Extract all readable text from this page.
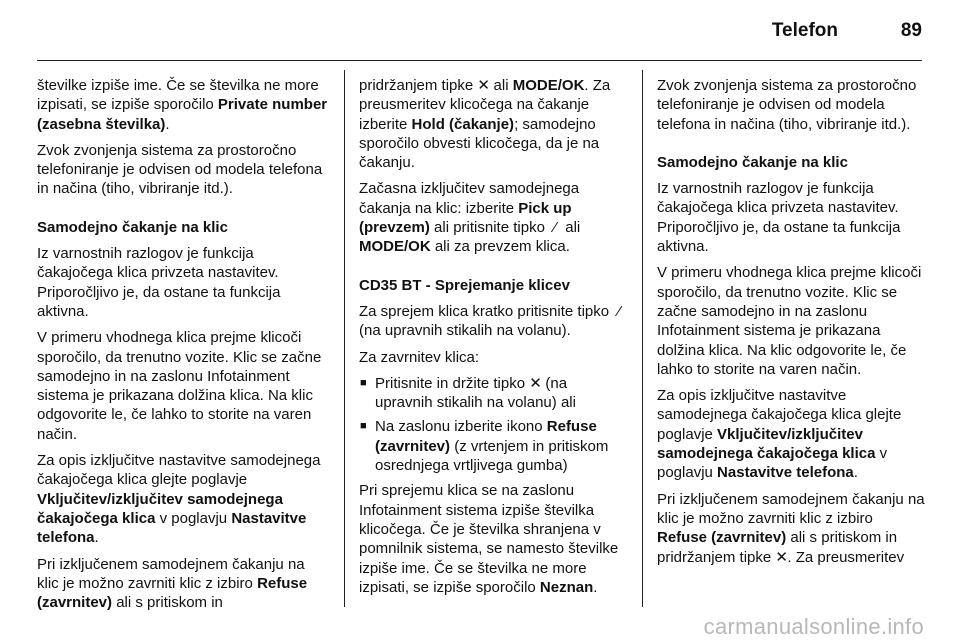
Telefon	89

številke izpiše ime. Če se številka ne more izpisati, se izpiše sporočilo Private number (zasebna številka).

Zvok zvonjenja sistema za prostoročno telefoniranje je odvisen od modela telefona in načina (tiho, vibriranje itd.).

Samodejno čakanje na klic

Iz varnostnih razlogov je funkcija čakajočega klica privzeta nastavitev. Priporočljivo je, da ostane ta funkcija aktivna.

V primeru vhodnega klica prejme klicoči sporočilo, da trenutno vozite. Klic se začne samodejno in na zaslonu Infotainment sistema je prikazana dolžina klica. Na klic odgovorite le, če lahko to storite na varen način.

Za opis izključitve nastavitve samodejnega čakajočega klica glejte poglavje Vključitev/izključitev samodejnega čakajočega klica v poglavju Nastavitve telefona.

Pri izključenem samodejnem čakanju na klic je možno zavrniti klic z izbiro Refuse (zavrnitev) ali s pritiskom in

pridržanjem tipke ✕ ali MODE/OK. Za preusmeritev klicočega na čakanje izberite Hold (čakanje); samodejno sporočilo obvesti klicočega, da je na čakanju.

Začasna izključitev samodejnega čakanja na klic: izberite Pick up (prevzem) ali pritisnite tipko ⁄ ali MODE/OK ali za prevzem klica.

CD35 BT - Sprejemanje klicev

Za sprejem klica kratko pritisnite tipko ⁄ (na upravnih stikalih na volanu).

Za zavrnitev klica:

■ Pritisnite in držite tipko ✕ (na upravnih stikalih na volanu) ali
■ Na zaslonu izberite ikono Refuse (zavrnitev) (z vrtenjem in pritiskom osrednjega vrtljivega gumba)

Pri sprejemu klica se na zaslonu Infotainment sistema izpiše številka klicočega. Če je številka shranjena v pomnilnik sistema, se namesto številke izpiše ime. Če se številka ne more izpisati, se izpiše sporočilo Neznan.

Zvok zvonjenja sistema za prostoročno telefoniranje je odvisen od modela telefona in načina (tiho, vibriranje itd.).

Samodejno čakanje na klic

Iz varnostnih razlogov je funkcija čakajočega klica privzeta nastavitev. Priporočljivo je, da ostane ta funkcija aktivna.

V primeru vhodnega klica prejme klicoči sporočilo, da trenutno vozite. Klic se začne samodejno in na zaslonu Infotainment sistema je prikazana dolžina klica. Na klic odgovorite le, če lahko to storite na varen način.

Za opis izključitve nastavitve samodejnega čakajočega klica glejte poglavje Vključitev/izključitev samodejnega čakajočega klica v poglavju Nastavitve telefona.

Pri izključenem samodejnem čakanju na klic je možno zavrniti klic z izbiro Refuse (zavrnitev) ali s pritiskom in pridržanjem tipke ✕. Za preusmeritev

carmanualsonline.info
